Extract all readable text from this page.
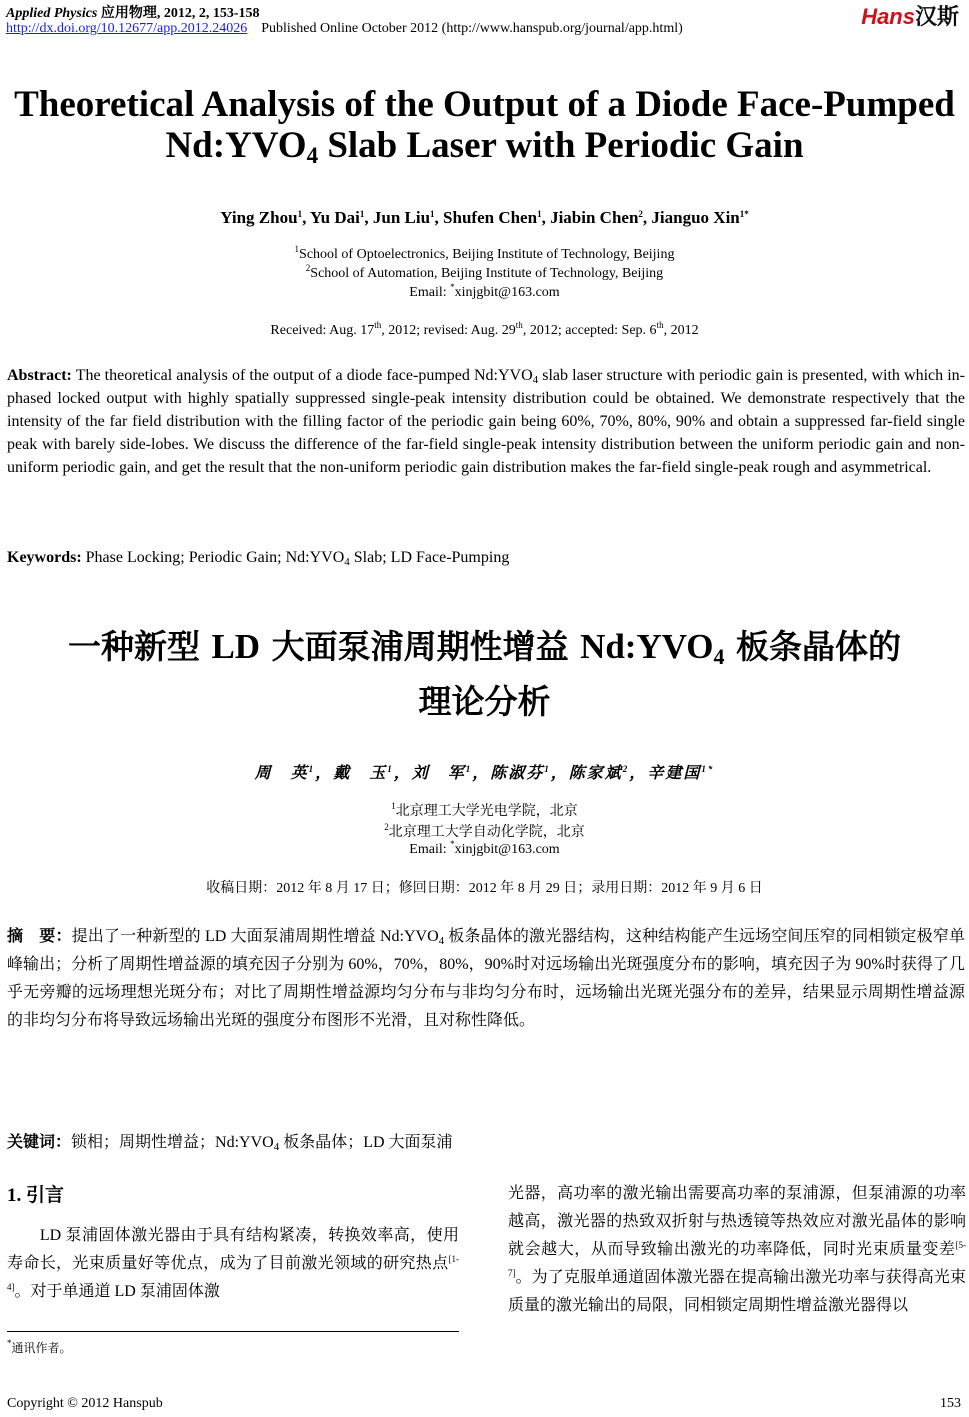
Applied Physics 应用物理, 2012, 2, 153-158
http://dx.doi.org/10.12677/app.2012.24026 Published Online October 2012 (http://www.hanspub.org/journal/app.html)	Hans汉斯
Theoretical Analysis of the Output of a Diode Face-Pumped
Nd:YVO4 Slab Laser with Periodic Gain
Ying Zhou$^1$, Yu Dai$^1$, Jun Liu$^1$, Shufen Chen$^1$, Jiabin Chen$^2$, Jianguo Xin$^{1*}$
$^1$School of Optoelectronics, Beijing Institute of Technology, Beijing
$^2$School of Automation, Beijing Institute of Technology, Beijing
Email: *xinjgbit@163.com
Received: Aug. 17th, 2012; revised: Aug. 29th, 2012; accepted: Sep. 6th, 2012
Abstract: The theoretical analysis of the output of a diode face-pumped $Nd:YVO_4$ slab laser structure with periodic gain is presented, with which in-phased locked output with highly spatially suppressed single-peak intensity distribution could be obtained. We demonstrate respectively that the intensity of the far field distribution with the filling factor of the periodic gain being 60%, 70%, 80%, 90% and obtain a suppressed far-field single peak with barely side-lobes. We discuss the difference of the far-field single-peak intensity distribution between the uniform periodic gain and non-uniform periodic gain, and get the result that the non-uniform periodic gain distribution makes the far-field single-peak rough and asymmetrical.
Keywords: Phase Locking; Periodic Gain; $Nd:YVO_4$ Slab; LD Face-Pumping
一种新型 LD 大面泵浦周期性增益 Nd:YVO4 板条晶体的
理论分析
周　英$^1$，戴　玉$^1$，刘　军$^1$，陈淑芬$^1$，陈家斌$^2$，辛建国$^{1*}$
$^1$北京理工大学光电学院，北京
$^2$北京理工大学自动化学院，北京
Email: *xinjgbit@163.com
收稿日期：2012 年 8 月 17 日；修回日期：2012 年 8 月 29 日；录用日期：2012 年 9 月 6 日
摘　要：提出了一种新型的 LD 大面泵浦周期性增益 $Nd:YVO_4$ 板条晶体的激光器结构，这种结构能产生远场空间压窄的同相锁定极窄单峰输出；分析了周期性增益源的填充因子分别为 60%，70%，80%，90%时对远场输出光斑强度分布的影响，填充因子为 90%时获得了几乎无旁瓣的远场理想光斑分布；对比了周期性增益源均匀分布与非均匀分布时，远场输出光斑光强分布的差异，结果显示周期性增益源的非均匀分布将导致远场输出光斑的强度分布图形不光滑，且对称性降低。
关键词：锁相；周期性增益；$Nd:YVO_4$ 板条晶体；LD 大面泵浦
1. 引言
　　LD 泵浦固体激光器由于具有结构紧凑，转换效率高，使用寿命长，光束质量好等优点，成为了目前激光领域的研究热点[1-4]。对于单通道 LD 泵浦固体激
光器，高功率的激光输出需要高功率的泵浦源，但泵浦源的功率越高，激光器的热致双折射与热透镜等热效应对激光晶体的影响就会越大，从而导致输出激光的功率降低，同时光束质量变差[5-7]。为了克服单通道固体激光器在提高输出激光功率与获得高光束质量的激光输出的局限，同相锁定周期性增益激光器得以
*通讯作者。
Copyright © 2012 Hanspub	153
